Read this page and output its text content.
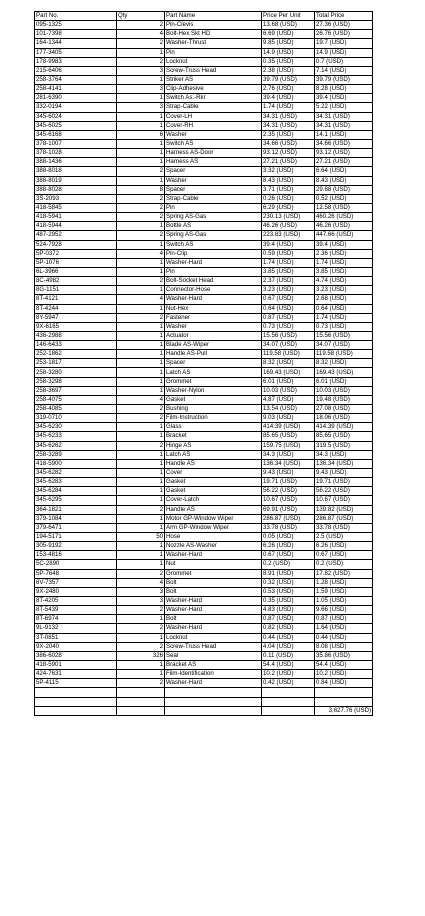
Part No.	Qty	Part Name	Price Per Unit	Total Price
095-1325	2	Pin-Clevis	13.68 (USD)	27.36 (USD)
101-7398	4	Bolt-Hex Skt HD	6.69 (USD)	26.76 (USD)
164-1344	2	Washer-Thrust	9.85 (USD)	19.7 (USD)
177-3405	1	Pin	14.9 (USD)	14.9 (USD)
178-9983	2	Locknut	0.35 (USD)	0.7 (USD)
215-6406	3	Screw-Truss Head	2.38 (USD)	7.14 (USD)
258-3764	1	Striker AS	39.79 (USD)	39.79 (USD)
258-4141	3	Clip-Adhesive	2.76 (USD)	8.28 (USD)
281-6390	1	Switch As.-Rkr	39.4 (USD)	39.4 (USD)
332-0194	3	Strap-Cable	1.74 (USD)	5.22 (USD)
345-6024	1	Cover-LH	34.31 (USD)	34.31 (USD)
345-6025	1	Cover-RH	34.31 (USD)	34.31 (USD)
345-6168	6	Washer	2.35 (USD)	14.1 (USD)
378-1007	1	Switch AS	34.66 (USD)	34.66 (USD)
378-1028	1	Harness AS-Door	93.12 (USD)	93.12 (USD)
388-1436	1	Harness AS	27.21 (USD)	27.21 (USD)
388-8018	2	Spacer	3.32 (USD)	6.64 (USD)
388-8019	1	Washer	8.43 (USD)	8.43 (USD)
388-8028	8	Spacer	3.71 (USD)	29.68 (USD)
3S-2093	2	Strap-Cable	0.26 (USD)	0.52 (USD)
418-5845	2	Pin	6.29 (USD)	12.58 (USD)
418-5941	2	Spring AS-Gas	230.13 (USD)	460.26 (USD)
418-5944	1	Bottle AS	46.26 (USD)	46.26 (USD)
487-2952	2	Spring AS-Gas	223.83 (USD)	447.66 (USD)
524-7928	1	Switch AS	39.4 (USD)	39.4 (USD)
5P-0372	4	Pin-Clip	0.59 (USD)	2.36 (USD)
5P-1076	1	Washer-Hard	1.74 (USD)	1.74 (USD)
6L-3966	1	Pin	3.85 (USD)	3.85 (USD)
8C-4982	2	Bolt-Socket Head	2.37 (USD)	4.74 (USD)
8G-1151	1	Connector-Hose	3.23 (USD)	3.23 (USD)
8T-4121	4	Washer-Hard	0.67 (USD)	2.68 (USD)
8T-4244	1	Nut-Hex	0.64 (USD)	0.64 (USD)
8Y-5947	2	Fastener	0.87 (USD)	1.74 (USD)
9X-6165	1	Washer	0.73 (USD)	0.73 (USD)
436-2988	1	Actuator	15.56 (USD)	15.56 (USD)
146-6433	1	Blade AS-Wiper	34.07 (USD)	34.07 (USD)
252-1862	1	Handle AS-Pull	119.58 (USD)	119.58 (USD)
253-1817	1	Spacer	8.32 (USD)	8.32 (USD)
258-3280	1	Latch AS	169.43 (USD)	169.43 (USD)
258-3298	1	Grommet	6.01 (USD)	6.01 (USD)
258-3697	1	Washer-Nylon	10.03 (USD)	10.03 (USD)
258-4075	4	Gasket	4.87 (USD)	19.48 (USD)
258-4085	2	Bushing	13.54 (USD)	27.08 (USD)
319-0710	2	Film-Instruction	9.03 (USD)	18.06 (USD)
345-6230	1	Glass	414.39 (USD)	414.39 (USD)
345-6233	1	Bracket	85.65 (USD)	85.65 (USD)
345-6262	2	Hinge AS	159.75 (USD)	319.5 (USD)
258-3289	1	Latch AS	34.3 (USD)	34.3 (USD)
418-5900	1	Handle AS	136.34 (USD)	136.34 (USD)
345-6282	1	Cover	9.43 (USD)	9.43 (USD)
345-6283	1	Gasket	19.71 (USD)	19.71 (USD)
345-6284	1	Gasket	56.22 (USD)	56.22 (USD)
345-6295	1	Cover-Latch	10.67 (USD)	10.67 (USD)
364-1821	2	Handle AS	69.91 (USD)	139.82 (USD)
379-1084	1	Motor GP-Window Wiper	286.87 (USD)	286.87 (USD)
379-6471	1	Arm GP-Window Wiper	33.78 (USD)	33.78 (USD)
194-5171	50	Hose	0.05 (USD)	2.5 (USD)
305-9192	1	Nozzle AS-Washer	6.26 (USD)	6.26 (USD)
153-4816	1	Washer-Hard	0.67 (USD)	0.67 (USD)
5C-2890	1	Nut	0.2 (USD)	0.2 (USD)
5P-7648	2	Grommet	8.91 (USD)	17.82 (USD)
6V-7357	4	Bolt	0.32 (USD)	1.28 (USD)
9X-2480	3	Bolt	0.53 (USD)	1.59 (USD)
8T-4205	3	Washer-Hard	0.35 (USD)	1.05 (USD)
8T-5439	2	Washer-Hard	4.83 (USD)	9.66 (USD)
8T-6974	1	Bolt	0.87 (USD)	0.87 (USD)
9L-9132	2	Washer-Hard	0.82 (USD)	1.64 (USD)
3T-0851	1	Locknut	0.44 (USD)	0.44 (USD)
9X-2040	2	Screw-Truss Head	4.04 (USD)	8.08 (USD)
386-6028	326	Seal	0.11 (USD)	35.86 (USD)
418-5901	1	Bracket AS	54.4 (USD)	54.4 (USD)
424-7631	1	Film-Identification	10.2 (USD)	10.2 (USD)
5P-4115	2	Washer-Hard	0.42 (USD)	0.84 (USD)

				3,627.76 (USD)
